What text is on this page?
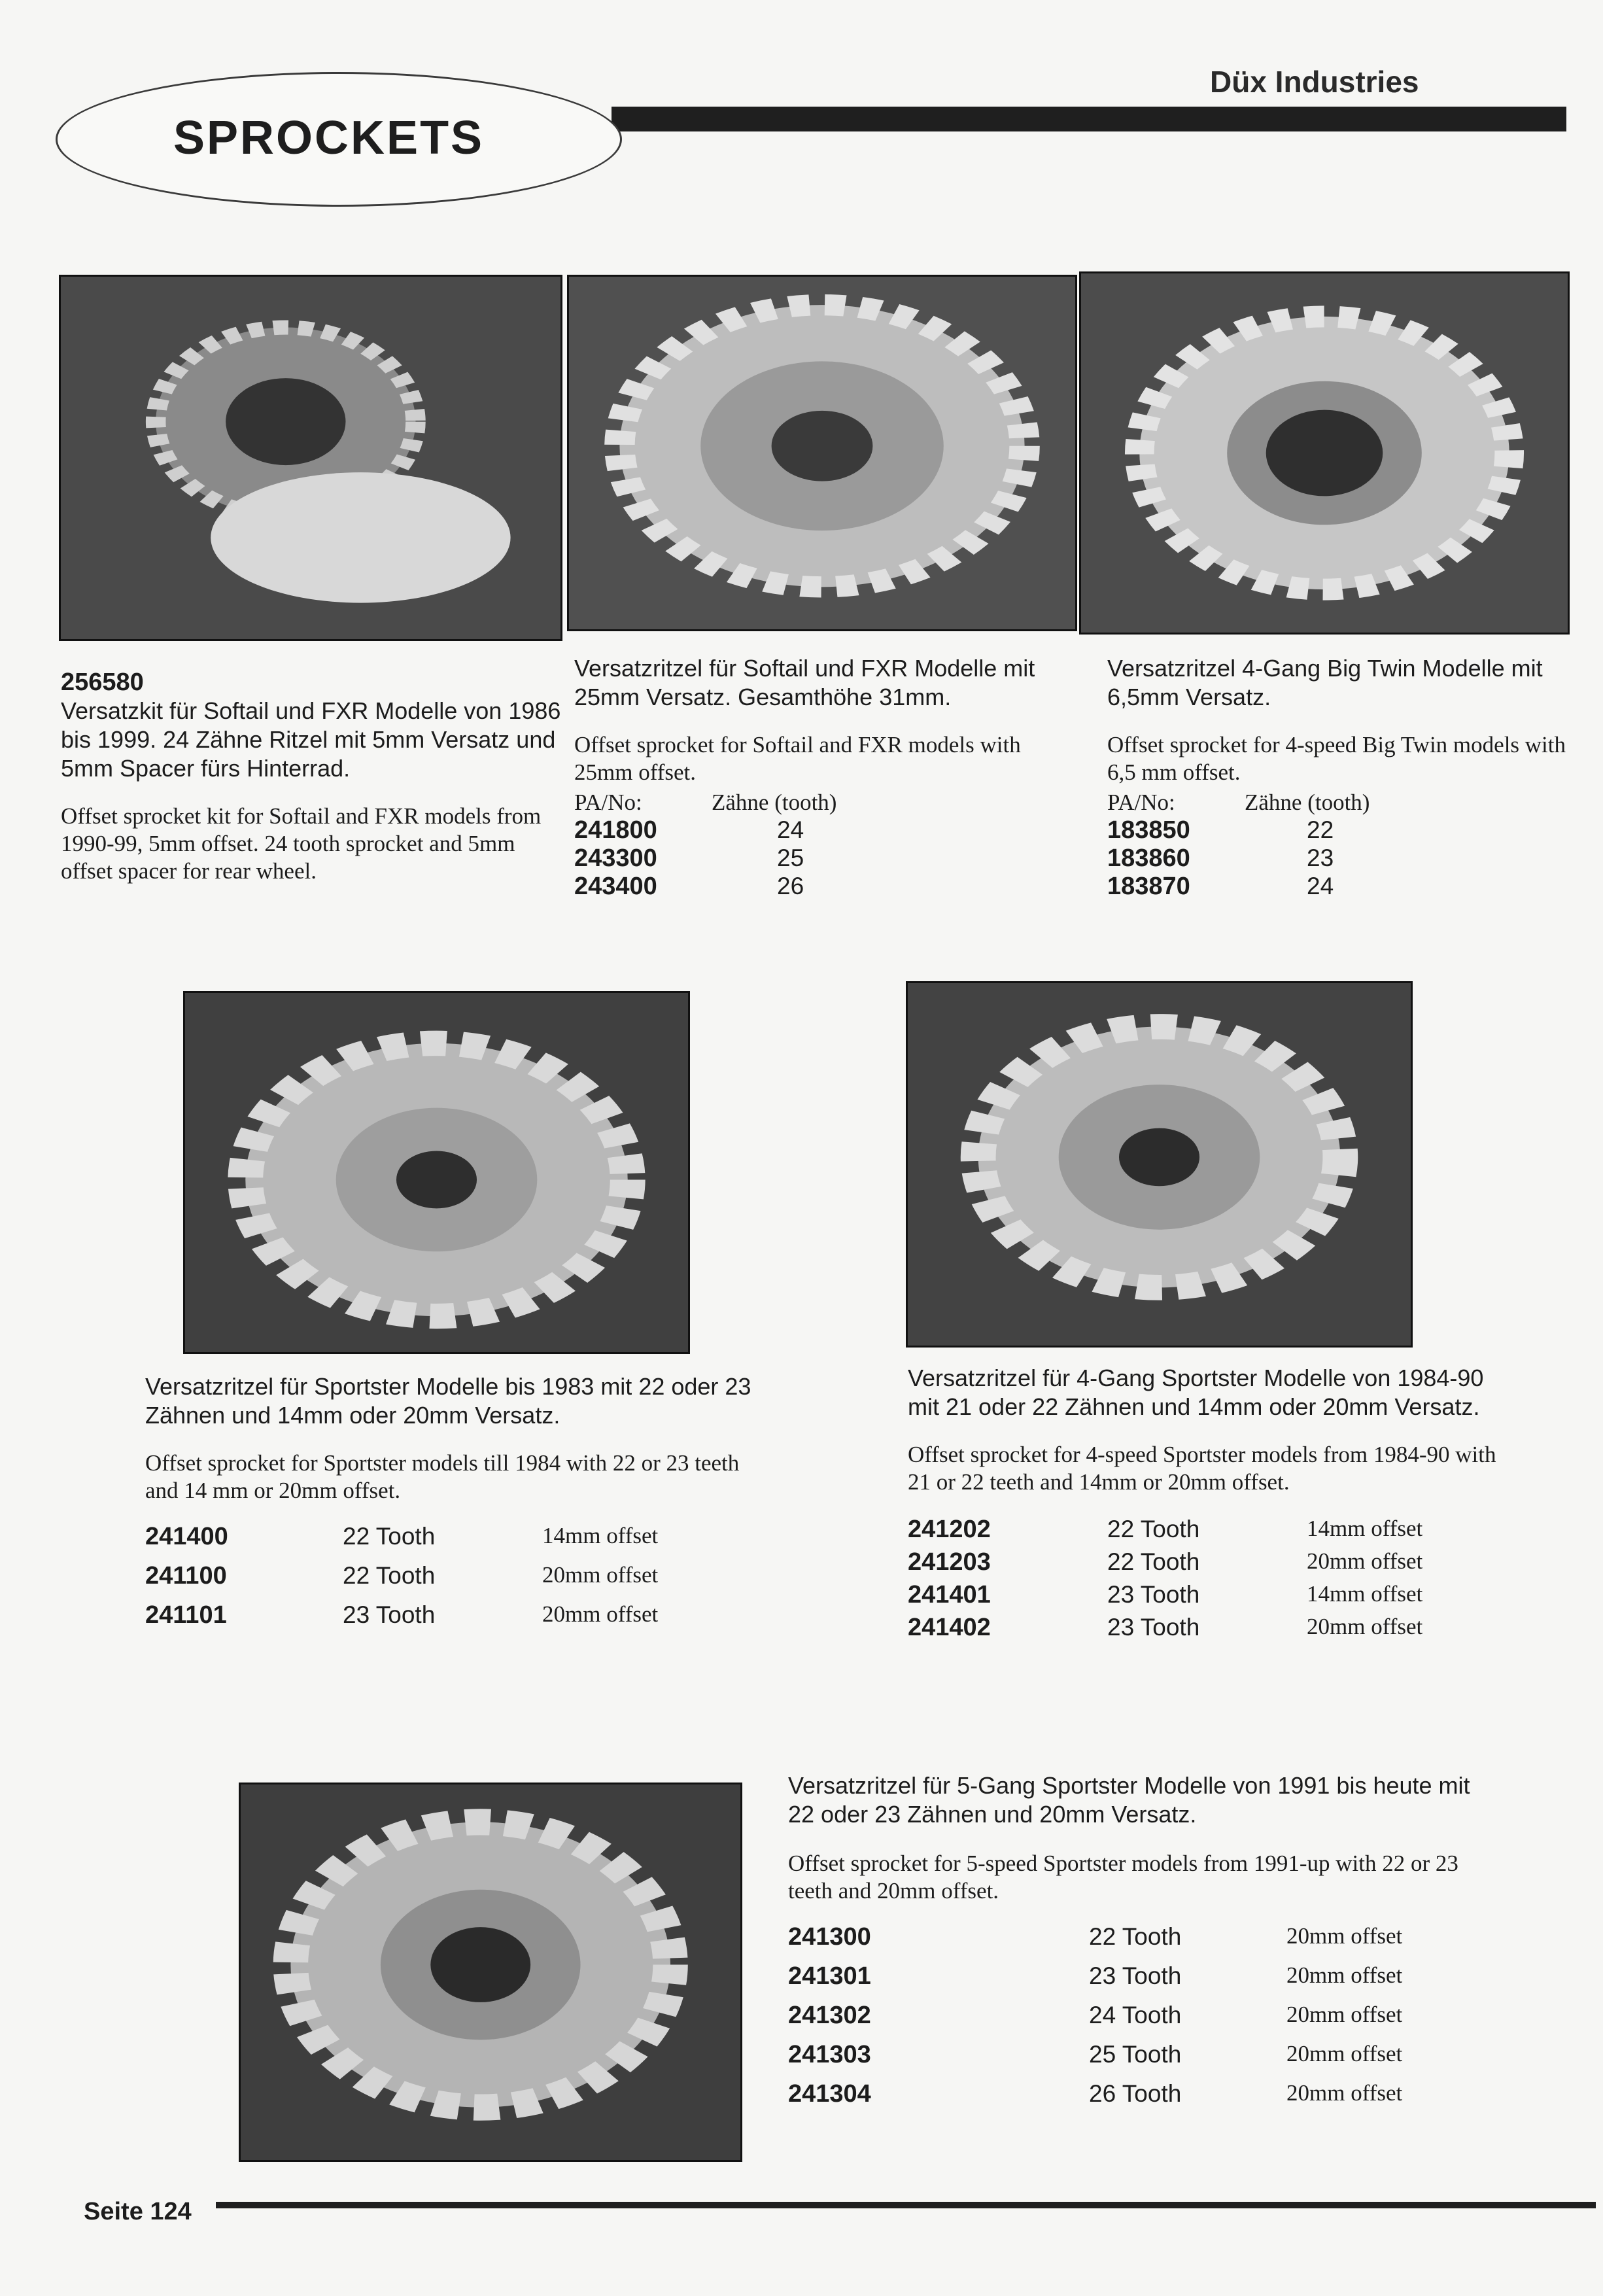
Düx Industries
SPROCKETS
256580
Versatzkit für Softail und FXR Modelle von 1986 bis 1999. 24 Zähne Ritzel mit 5mm Versatz und 5mm Spacer fürs Hinterrad.
Offset sprocket kit for Softail and FXR models from 1990-99, 5mm offset. 24 tooth sprocket and 5mm offset spacer for rear wheel.
Versatzritzel für Softail und FXR Modelle mit 25mm Versatz. Gesamthöhe 31mm.
Offset sprocket for Softail and FXR models with 25mm offset.
PA/No:	Zähne (tooth)
241800	24
243300	25
243400	26
Versatzritzel 4-Gang Big Twin Modelle mit 6,5mm Versatz.
Offset sprocket for 4-speed Big Twin models with 6,5 mm offset.
PA/No:	Zähne (tooth)
183850	22
183860	23
183870	24
Versatzritzel für Sportster Modelle bis 1983 mit 22 oder 23 Zähnen und 14mm oder 20mm Versatz.
Offset sprocket for Sportster models till 1984 with 22 or 23 teeth and 14 mm or 20mm offset.
241400	22 Tooth	14mm offset
241100	22 Tooth	20mm offset
241101	23 Tooth	20mm offset
Versatzritzel für 4-Gang Sportster Modelle von 1984-90 mit 21 oder 22 Zähnen und 14mm oder 20mm Versatz.
Offset sprocket for 4-speed Sportster models from 1984-90 with 21 or 22 teeth and 14mm or 20mm offset.
241202	22 Tooth	14mm offset
241203	22 Tooth	20mm offset
241401	23 Tooth	14mm offset
241402	23 Tooth	20mm offset
Versatzritzel für 5-Gang Sportster Modelle von 1991 bis heute mit 22 oder 23 Zähnen und 20mm Versatz.
Offset sprocket for 5-speed Sportster models from 1991-up with 22 or 23 teeth and 20mm offset.
241300	22 Tooth	20mm offset
241301	23 Tooth	20mm offset
241302	24 Tooth	20mm offset
241303	25 Tooth	20mm offset
241304	26 Tooth	20mm offset
Seite 124
